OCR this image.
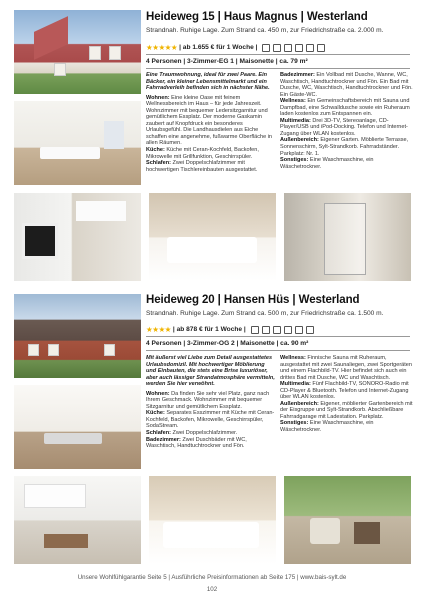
Heideweg 15 | Haus Magnus | Westerland
Strandnah. Ruhige Lage. Zum Strand ca. 450 m, zur Friedrichstraße ca. 2.000 m.
★★★★★ | ab 1.655 € für 1 Woche |
4 Personen | 3-Zimmer-EG 1 | Maisonette | ca. 79 m²

Eine Traumwohnung, ideal für zwei Paare. Ein Bäcker, ein kleiner Lebensmittelmarkt und ein Fahrradverleih befinden sich in nächster Nähe.

Wohnen: Eine kleine Oase mit feinem Wellnessbereich im Haus – für jede Jahreszeit. Wohnzimmer mit bequemer Ledersitzgarnitur und gemütlichem Essplatz. Der moderne Gaskamin zaubert auf Knopfdruck ein besonderes Urlaubsgefühl. Die Landhausdielen aus Eiche schaffen eine angenehme, fußwarme Oberfläche in allen Räumen.

Küche: Küche mit Ceran-Kochfeld, Backofen, Mikrowelle mit Grillfunktion, Geschirrspüler.

Schlafen: Zwei Doppelschlafzimmer mit hochwertigen Tischlereinbauten ausgestattet.

Badezimmer: Ein Vollbad mit Dusche, Wanne, WC, Waschtisch, Handtuchtrockner und Fön. Ein Bad mit Dusche, WC, Waschtisch, Handtuchtrockner und Fön. Ein Gäste-WC.

Wellness: Ein Gemeinschaftsbereich mit Sauna und Dampfbad, eine Schwalldusche sowie ein Ruheraum laden kostenlos zum Entspannen ein.

Multimedia: Drei 3D-TV, Stereoanlage, CD-Player/USB und iPod-Docking. Telefon und Internet-Zugang über WLAN kostenlos.

Außenbereich: Eigener Garten. Möblierte Terrasse, Sonnenschirm, Sylt-Strandkorb. Fahrradständer. Parkplatz: Nr. 1.

Sonstiges: Eine Waschmaschine, ein Wäschetrockner.

Heideweg 20 | Hansen Hüs | Westerland
Strandnah. Ruhige Lage. Zum Strand ca. 500 m, zur Friedrichstraße ca. 1.500 m.
★★★★ | ab 878 € für 1 Woche |
4 Personen | 3-Zimmer-OG 2 | Maisonette | ca. 90 m²

Mit äußerst viel Liebe zum Detail ausgestattetes Urlaubsdomizil. Mit hochwertiger Möblierung und Einbauten, die stets eine Brise luxuriöser, aber auch lässiger Strandatmosphäre vermitteln, werden Sie hier verwöhnt.

Wohnen: Da finden Sie sehr viel Platz, ganz nach Ihrem Geschmack. Wohnzimmer mit bequemer Sitzgarnitur und gemütlichem Essplatz.

Küche: Separates Esszimmer mit Küche mit Ceran-Kochfeld, Backofen, Mikrowelle, Geschirrspüler, SodaStream.

Schlafen: Zwei Doppelschlafzimmer.

Badezimmer: Zwei Duschbäder mit WC, Waschtisch, Handtuchtrockner und Fön.

Wellness: Finnische Sauna mit Ruheraum, ausgestattet mit zwei Saunaliegen, zwei Sportgeräten und einem Flachbild-TV. Hier befindet sich auch ein drittes Bad mit Dusche, WC und Waschtisch.

Multimedia: Fünf Flachbild-TV, SONORO-Radio mit CD-Player & Bluetooth. Telefon und Internet-Zugang über WLAN kostenlos.

Außenbereich: Eigener, möblierter Gartenbereich mit der Eisgruppe und Sylt-Strandkorb. Abschließbare Fahrradgarage mit Ladestation. Parkplatz.

Sonstiges: Eine Waschmaschine, ein Wäschetrockner.

Unsere Wohlfühlgarantie Seite 5 | Ausführliche Preisinformationen ab Seite 175 | www.bais-sylt.de
102
